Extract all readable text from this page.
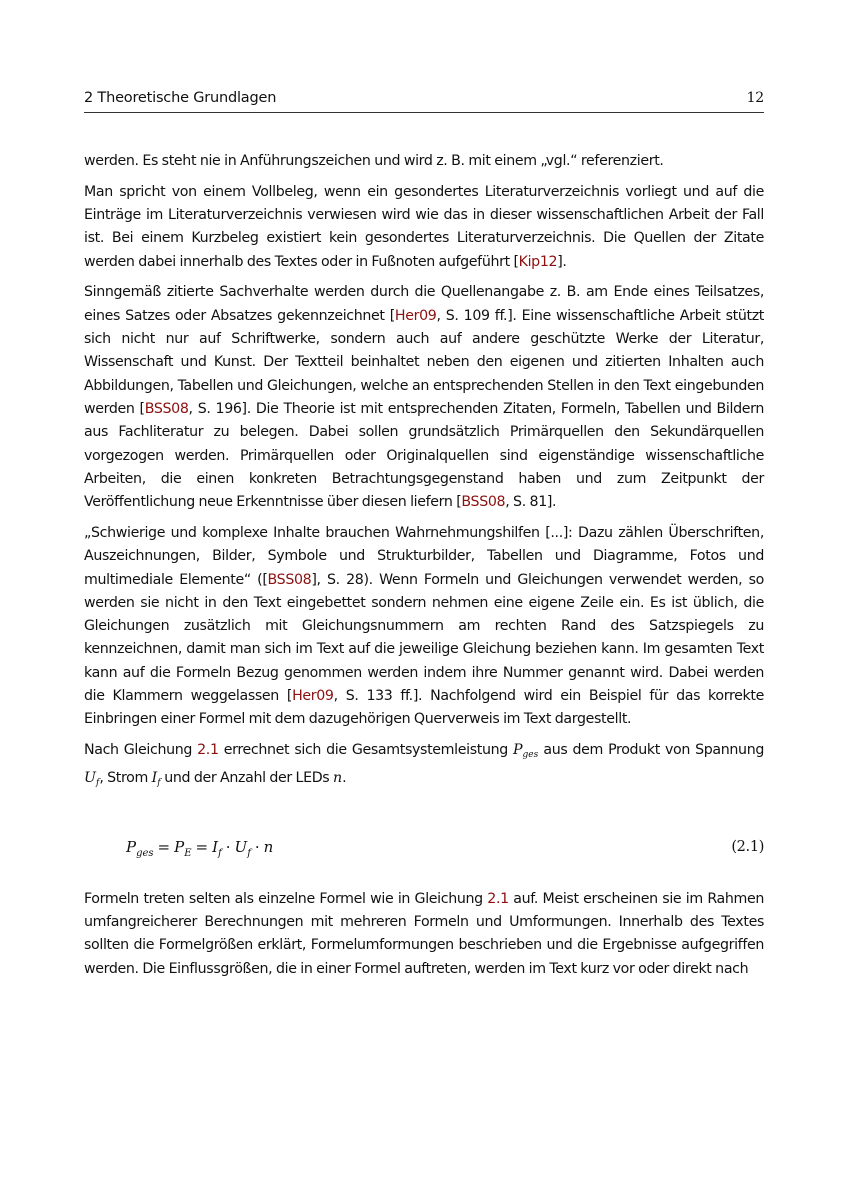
2 Theoretische Grundlagen	12

werden. Es steht nie in Anführungszeichen und wird z. B. mit einem „vgl.“ referenziert.

Man spricht von einem Vollbeleg, wenn ein gesondertes Literaturverzeichnis vorliegt und auf die Einträge im Literaturverzeichnis verwiesen wird wie das in dieser wissenschaftlichen Arbeit der Fall ist. Bei einem Kurzbeleg existiert kein gesondertes Literaturverzeichnis. Die Quellen der Zitate werden dabei innerhalb des Textes oder in Fußnoten aufgeführt [Kip12].

Sinngemäß zitierte Sachverhalte werden durch die Quellenangabe z. B. am Ende eines Teilsatzes, eines Satzes oder Absatzes gekennzeichnet [Her09, S. 109 ff.]. Eine wissenschaftliche Arbeit stützt sich nicht nur auf Schriftwerke, sondern auch auf andere geschützte Werke der Literatur, Wissenschaft und Kunst. Der Textteil beinhaltet neben den eigenen und zitierten Inhalten auch Abbildungen, Tabellen und Gleichungen, welche an entsprechenden Stellen in den Text eingebunden werden [BSS08, S. 196]. Die Theorie ist mit entsprechenden Zitaten, Formeln, Tabellen und Bildern aus Fachliteratur zu belegen. Dabei sollen grundsätzlich Primärquellen den Sekundärquellen vorgezogen werden. Primärquellen oder Originalquellen sind eigenständige wissenschaftliche Arbeiten, die einen konkreten Betrachtungsgegenstand haben und zum Zeitpunkt der Veröffentlichung neue Erkenntnisse über diesen liefern [BSS08, S. 81].

„Schwierige und komplexe Inhalte brauchen Wahrnehmungshilfen [...]: Dazu zählen Überschriften, Auszeichnungen, Bilder, Symbole und Strukturbilder, Tabellen und Diagramme, Fotos und multimediale Elemente“ ([BSS08], S. 28). Wenn Formeln und Gleichungen verwendet werden, so werden sie nicht in den Text eingebettet sondern nehmen eine eigene Zeile ein. Es ist üblich, die Gleichungen zusätzlich mit Gleichungsnummern am rechten Rand des Satzspiegels zu kennzeichnen, damit man sich im Text auf die jeweilige Gleichung beziehen kann. Im gesamten Text kann auf die Formeln Bezug genommen werden indem ihre Nummer genannt wird. Dabei werden die Klammern weggelassen [Her09, S. 133 ff.]. Nachfolgend wird ein Beispiel für das korrekte Einbringen einer Formel mit dem dazugehörigen Querverweis im Text dargestellt.

Nach Gleichung 2.1 errechnet sich die Gesamtsystemleistung $P_{ges}$ aus dem Produkt von Spannung $U_f$, Strom $I_f$ und der Anzahl der LEDs n.

$P_{ges} = P_E = I_f \cdot U_f \cdot n$	(2.1)

Formeln treten selten als einzelne Formel wie in Gleichung 2.1 auf. Meist erscheinen sie im Rahmen umfangreicherer Berechnungen mit mehreren Formeln und Umformungen. Innerhalb des Textes sollten die Formelgrößen erklärt, Formelumformungen beschrieben und die Ergebnisse aufgegriffen werden. Die Einflussgrößen, die in einer Formel auftreten, werden im Text kurz vor oder direkt nach
